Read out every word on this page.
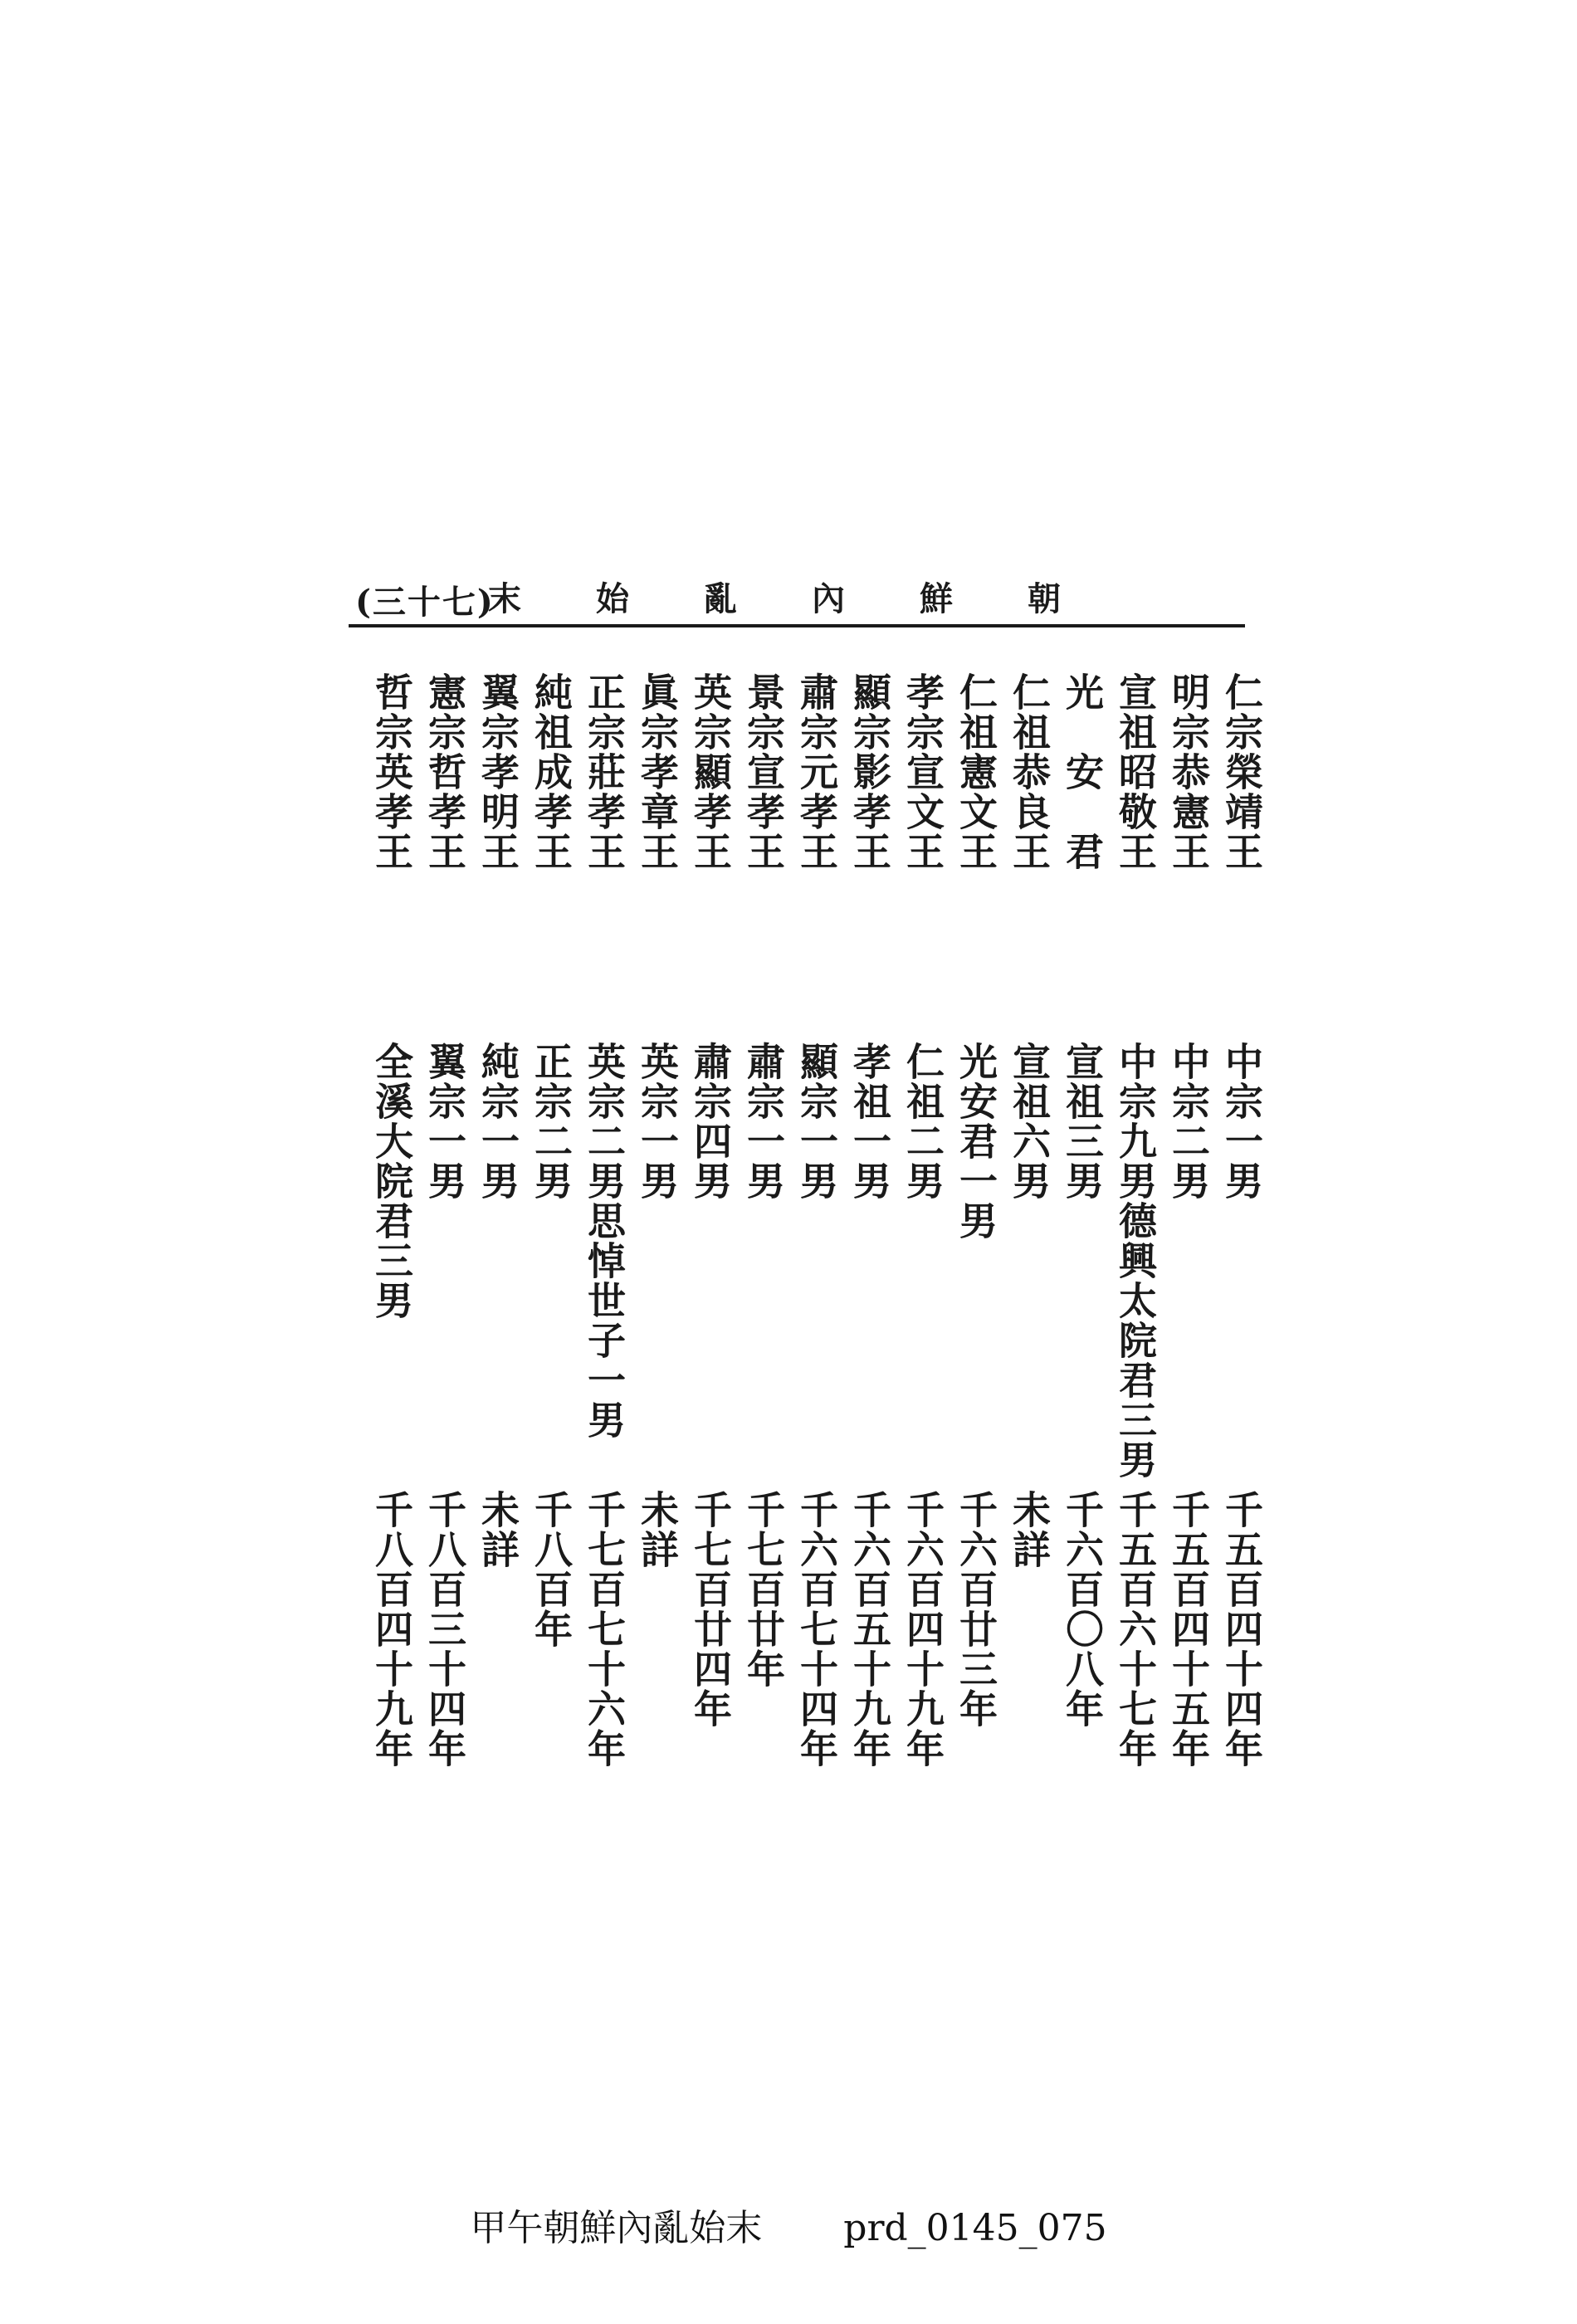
(三十七)
朝鮮內亂始末
仁宗榮靖王
中宗一男
千五百四十四年
明宗恭憲王
中宗二男
千五百四十五年
宣祖昭敬王
中宗九男德興太院君三男
千五百六十七年
光　安　君
宣祖三男
千六百〇八年
仁祖恭良王
宣祖六男
未詳
仁祖憲文王
光安君一男
千六百廿三年
孝宗宣文王
仁祖二男
千六百四十九年
顯宗影孝王
孝祖一男
千六百五十九年
肅宗元孝王
顯宗一男
千六百七十四年
景宗宣孝王
肅宗一男
千七百廿年
英宗顯孝王
肅宗四男
千七百廿四年
眞宗孝章王
英宗一男
未詳
正宗莊孝王
英宗二男思悼世子一男
千七百七十六年
純祖成孝王
正宗二男
千八百年
翼宗孝明王
純宗一男
未詳
憲宗哲孝王
翼宗一男
千八百三十四年
哲宗英孝王
全溪大院君三男
千八百四十九年
甲午朝鮮內亂始末 prd_0145_075
